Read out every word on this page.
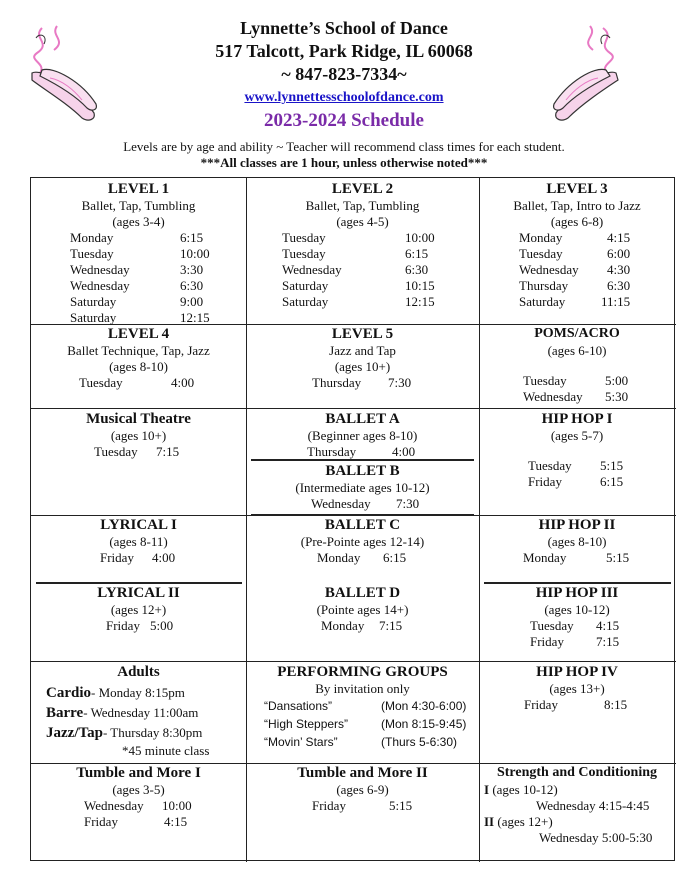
Lynnette’s School of Dance
517 Talcott, Park Ridge, IL 60068
~ 847-823-7334~
www.lynnettesschoolofdance.com
2023-2024 Schedule
Levels are by age and ability ~ Teacher will recommend class times for each student.
***All classes are 1 hour, unless otherwise noted***
LEVEL 1
Ballet, Tap, Tumbling
(ages 3-4)
Monday	6:15
Tuesday	10:00
Wednesday	3:30
Wednesday	6:30
Saturday	9:00
Saturday	12:15
LEVEL 2
Ballet, Tap, Tumbling
(ages 4-5)
Tuesday	10:00
Tuesday	6:15
Wednesday	6:30
Saturday	10:15
Saturday	12:15
LEVEL 3
Ballet, Tap, Intro to Jazz
(ages 6-8)
Monday	4:15
Tuesday	6:00
Wednesday	4:30
Thursday	6:30
Saturday	11:15
LEVEL 4
Ballet Technique, Tap, Jazz
(ages 8-10)
Tuesday	4:00
LEVEL 5
Jazz and Tap
(ages 10+)
Thursday	7:30
POMS/ACRO
(ages 6-10)
Tuesday	5:00
Wednesday	5:30
Musical Theatre
(ages 10+)
Tuesday	7:15
BALLET A
(Beginner ages 8-10)
Thursday	4:00
BALLET B
(Intermediate ages 10-12)
Wednesday	7:30
HIP HOP I
(ages 5-7)
Tuesday	5:15
Friday	6:15
LYRICAL I
(ages 8-11)
Friday	4:00
BALLET C
(Pre-Pointe ages 12-14)
Monday	6:15
HIP HOP II
(ages 8-10)
Monday	5:15
LYRICAL II
(ages 12+)
Friday 5:00
BALLET D
(Pointe ages 14+)
Monday	7:15
HIP HOP III
(ages 10-12)
Tuesday	4:15
Friday	7:15
Adults
Cardio- Monday 8:15pm
Barre- Wednesday 11:00am
Jazz/Tap- Thursday 8:30pm
*45 minute class
PERFORMING GROUPS
By invitation only
“Dansations”	(Mon 4:30-6:00)
“High Steppers”	(Mon 8:15-9:45)
“Movin’ Stars”	(Thurs 5-6:30)
HIP HOP IV
(ages 13+)
Friday	8:15
Tumble and More I
(ages 3-5)
Wednesday	10:00
Friday	4:15
Tumble and More II
(ages 6-9)
Friday	5:15
Strength and Conditioning
I (ages 10-12)
Wednesday 4:15-4:45
II (ages 12+)
Wednesday 5:00-5:30
